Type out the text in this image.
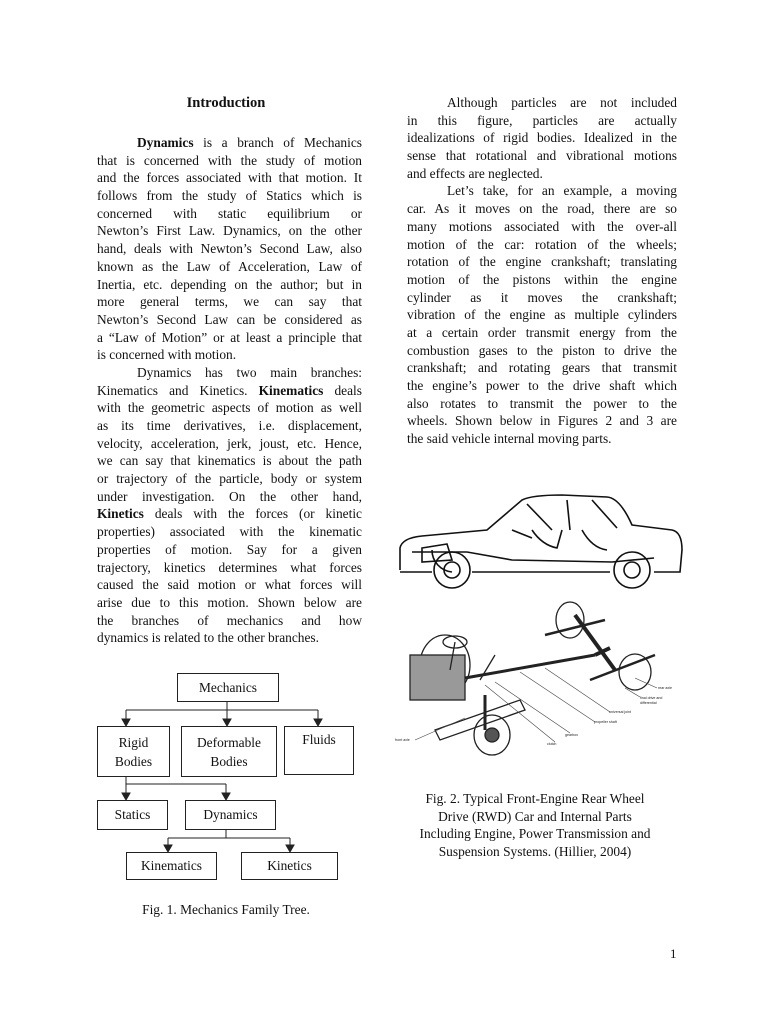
Introduction
Dynamics is a branch of Mechanics
that is concerned with the study of motion
and the forces associated with that motion. It
follows from the study of Statics which is
concerned with static equilibrium or
Newton’s First Law. Dynamics, on the other
hand, deals with Newton’s Second Law, also
known as the Law of Acceleration, Law of
Inertia, etc. depending on the author; but in
more general terms, we can say that
Newton’s Second Law can be considered as
a “Law of Motion” or at least a principle that
is concerned with motion.
Dynamics has two main branches:
Kinematics and Kinetics. Kinematics deals
with the geometric aspects of motion as well
as its time derivatives, i.e. displacement,
velocity, acceleration, jerk, joust, etc. Hence,
we can say that kinematics is about the path
or trajectory of the particle, body or system
under investigation. On the other hand,
Kinetics deals with the forces (or kinetic
properties) associated with the kinematic
properties of motion. Say for a given
trajectory, kinetics determines what forces
caused the said motion or what forces will
arise due to this motion. Shown below are
the branches of mechanics and how
dynamics is related to the other branches.
Although particles are not included
in this figure, particles are actually
idealizations of rigid bodies. Idealized in the
sense that rotational and vibrational motions
and effects are neglected.
Let’s take, for an example, a moving
car. As it moves on the road, there are so
many motions associated with the over-all
motion of the car: rotation of the wheels;
rotation of the engine crankshaft; translating
motion of the pistons within the engine
cylinder as it moves the crankshaft;
vibration of the engine as multiple cylinders
at a certain order transmit energy from the
combustion gases to the piston to drive the
crankshaft; and rotating gears that transmit
the engine’s power to the drive shaft which
also rotates to transmit the power to the
wheels. Shown below in Figures 2 and 3 are
the said vehicle internal moving parts.
Mechanics
Rigid
Bodies
Deformable
Bodies
Fluids
Statics	Dynamics
Kinematics	Kinetics
Fig. 1. Mechanics Family Tree.
front axle
clutch
gearbox
propeller shaft
universal joint
final drive and
differential
rear axle
Fig. 2. Typical Front-Engine Rear Wheel
Drive (RWD) Car and Internal Parts
Including Engine, Power Transmission and
Suspension Systems. (Hillier, 2004)
1
